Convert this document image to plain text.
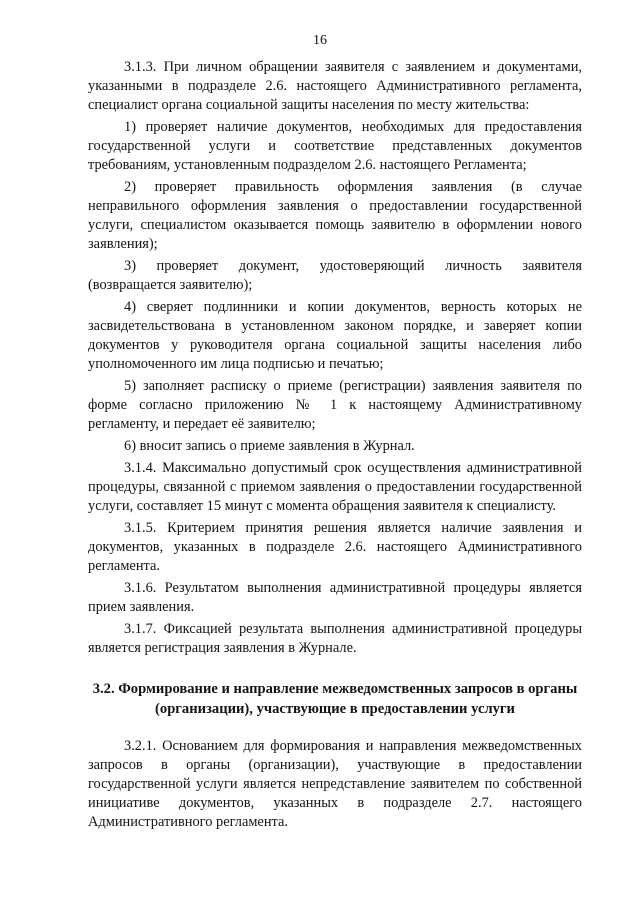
16

3.1.3. При личном обращении заявителя с заявлением и документами, указанными в подразделе 2.6. настоящего Административного регламента, специалист органа социальной защиты населения по месту жительства:

1) проверяет наличие документов, необходимых для предоставления государственной услуги и соответствие представленных документов требованиям, установленным подразделом 2.6. настоящего Регламента;

2) проверяет правильность оформления заявления (в случае неправильного оформления заявления о предоставлении государственной услуги, специалистом оказывается помощь заявителю в оформлении нового заявления);

3) проверяет документ, удостоверяющий личность заявителя (возвращается заявителю);

4) сверяет подлинники и копии документов, верность которых не засвидетельствована в установленном законом порядке, и заверяет копии документов у руководителя органа социальной защиты населения либо уполномоченного им лица подписью и печатью;

5) заполняет расписку о приеме (регистрации) заявления заявителя по форме согласно приложению № 1 к настоящему Административному регламенту, и передает её заявителю;

6) вносит запись о приеме заявления в Журнал.

3.1.4. Максимально допустимый срок осуществления административной процедуры, связанной с приемом заявления о предоставлении государственной услуги, составляет 15 минут с момента обращения заявителя к специалисту.

3.1.5. Критерием принятия решения является наличие заявления и документов, указанных в подразделе 2.6. настоящего Административного регламента.

3.1.6. Результатом выполнения административной процедуры является прием заявления.

3.1.7. Фиксацией результата выполнения административной процедуры является регистрация заявления в Журнале.

3.2. Формирование и направление межведомственных запросов в органы (организации), участвующие в предоставлении услуги

3.2.1. Основанием для формирования и направления межведомственных запросов в органы (организации), участвующие в предоставлении государственной услуги является непредставление заявителем по собственной инициативе документов, указанных в подразделе 2.7. настоящего Административного регламента.
